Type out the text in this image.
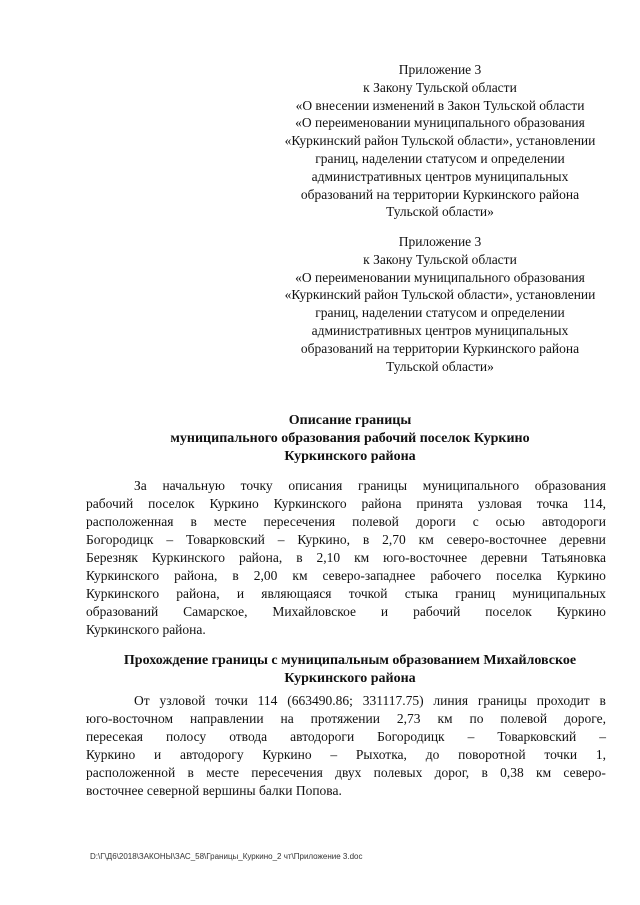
Приложение 3
к Закону Тульской области
«О внесении изменений в Закон Тульской области
«О переименовании муниципального образования
«Куркинский район Тульской области», установлении
границ, наделении статусом и определении
административных центров муниципальных
образований на территории Куркинского района
Тульской области»
Приложение 3
к Закону Тульской области
«О переименовании муниципального образования
«Куркинский район Тульской области», установлении
границ, наделении статусом и определении
административных центров муниципальных
образований на территории Куркинского района
Тульской области»
Описание границы
муниципального образования рабочий поселок Куркино
Куркинского района
За начальную точку описания границы муниципального образования
рабочий поселок Куркино Куркинского района принята узловая точка 114,
расположенная в месте пересечения полевой дороги с осью автодороги
Богородицк – Товарковский – Куркино, в 2,70 км северо-восточнее деревни
Березняк Куркинского района, в 2,10 км юго-восточнее деревни Татьяновка
Куркинского района, в 2,00 км северо-западнее рабочего поселка Куркино
Куркинского района, и являющаяся точкой стыка границ муниципальных
образований Самарское, Михайловское и рабочий поселок Куркино
Куркинского района.
Прохождение границы с муниципальным образованием Михайловское
Куркинского района
От узловой точки 114 (663490.86; 331117.75) линия границы проходит в
юго-восточном направлении на протяжении 2,73 км по полевой дороге,
пересекая полосу отвода автодороги Богородицк – Товарковский –
Куркино и автодорогу Куркино – Рыхотка, до поворотной точки 1,
расположенной в месте пересечения двух полевых дорог, в 0,38 км северо-
восточнее северной вершины балки Попова.
D:\Г\Д6\2018\ЗАКОНЫ\ЗАС_58\Границы_Куркино_2 чт\Приложение 3.doc
